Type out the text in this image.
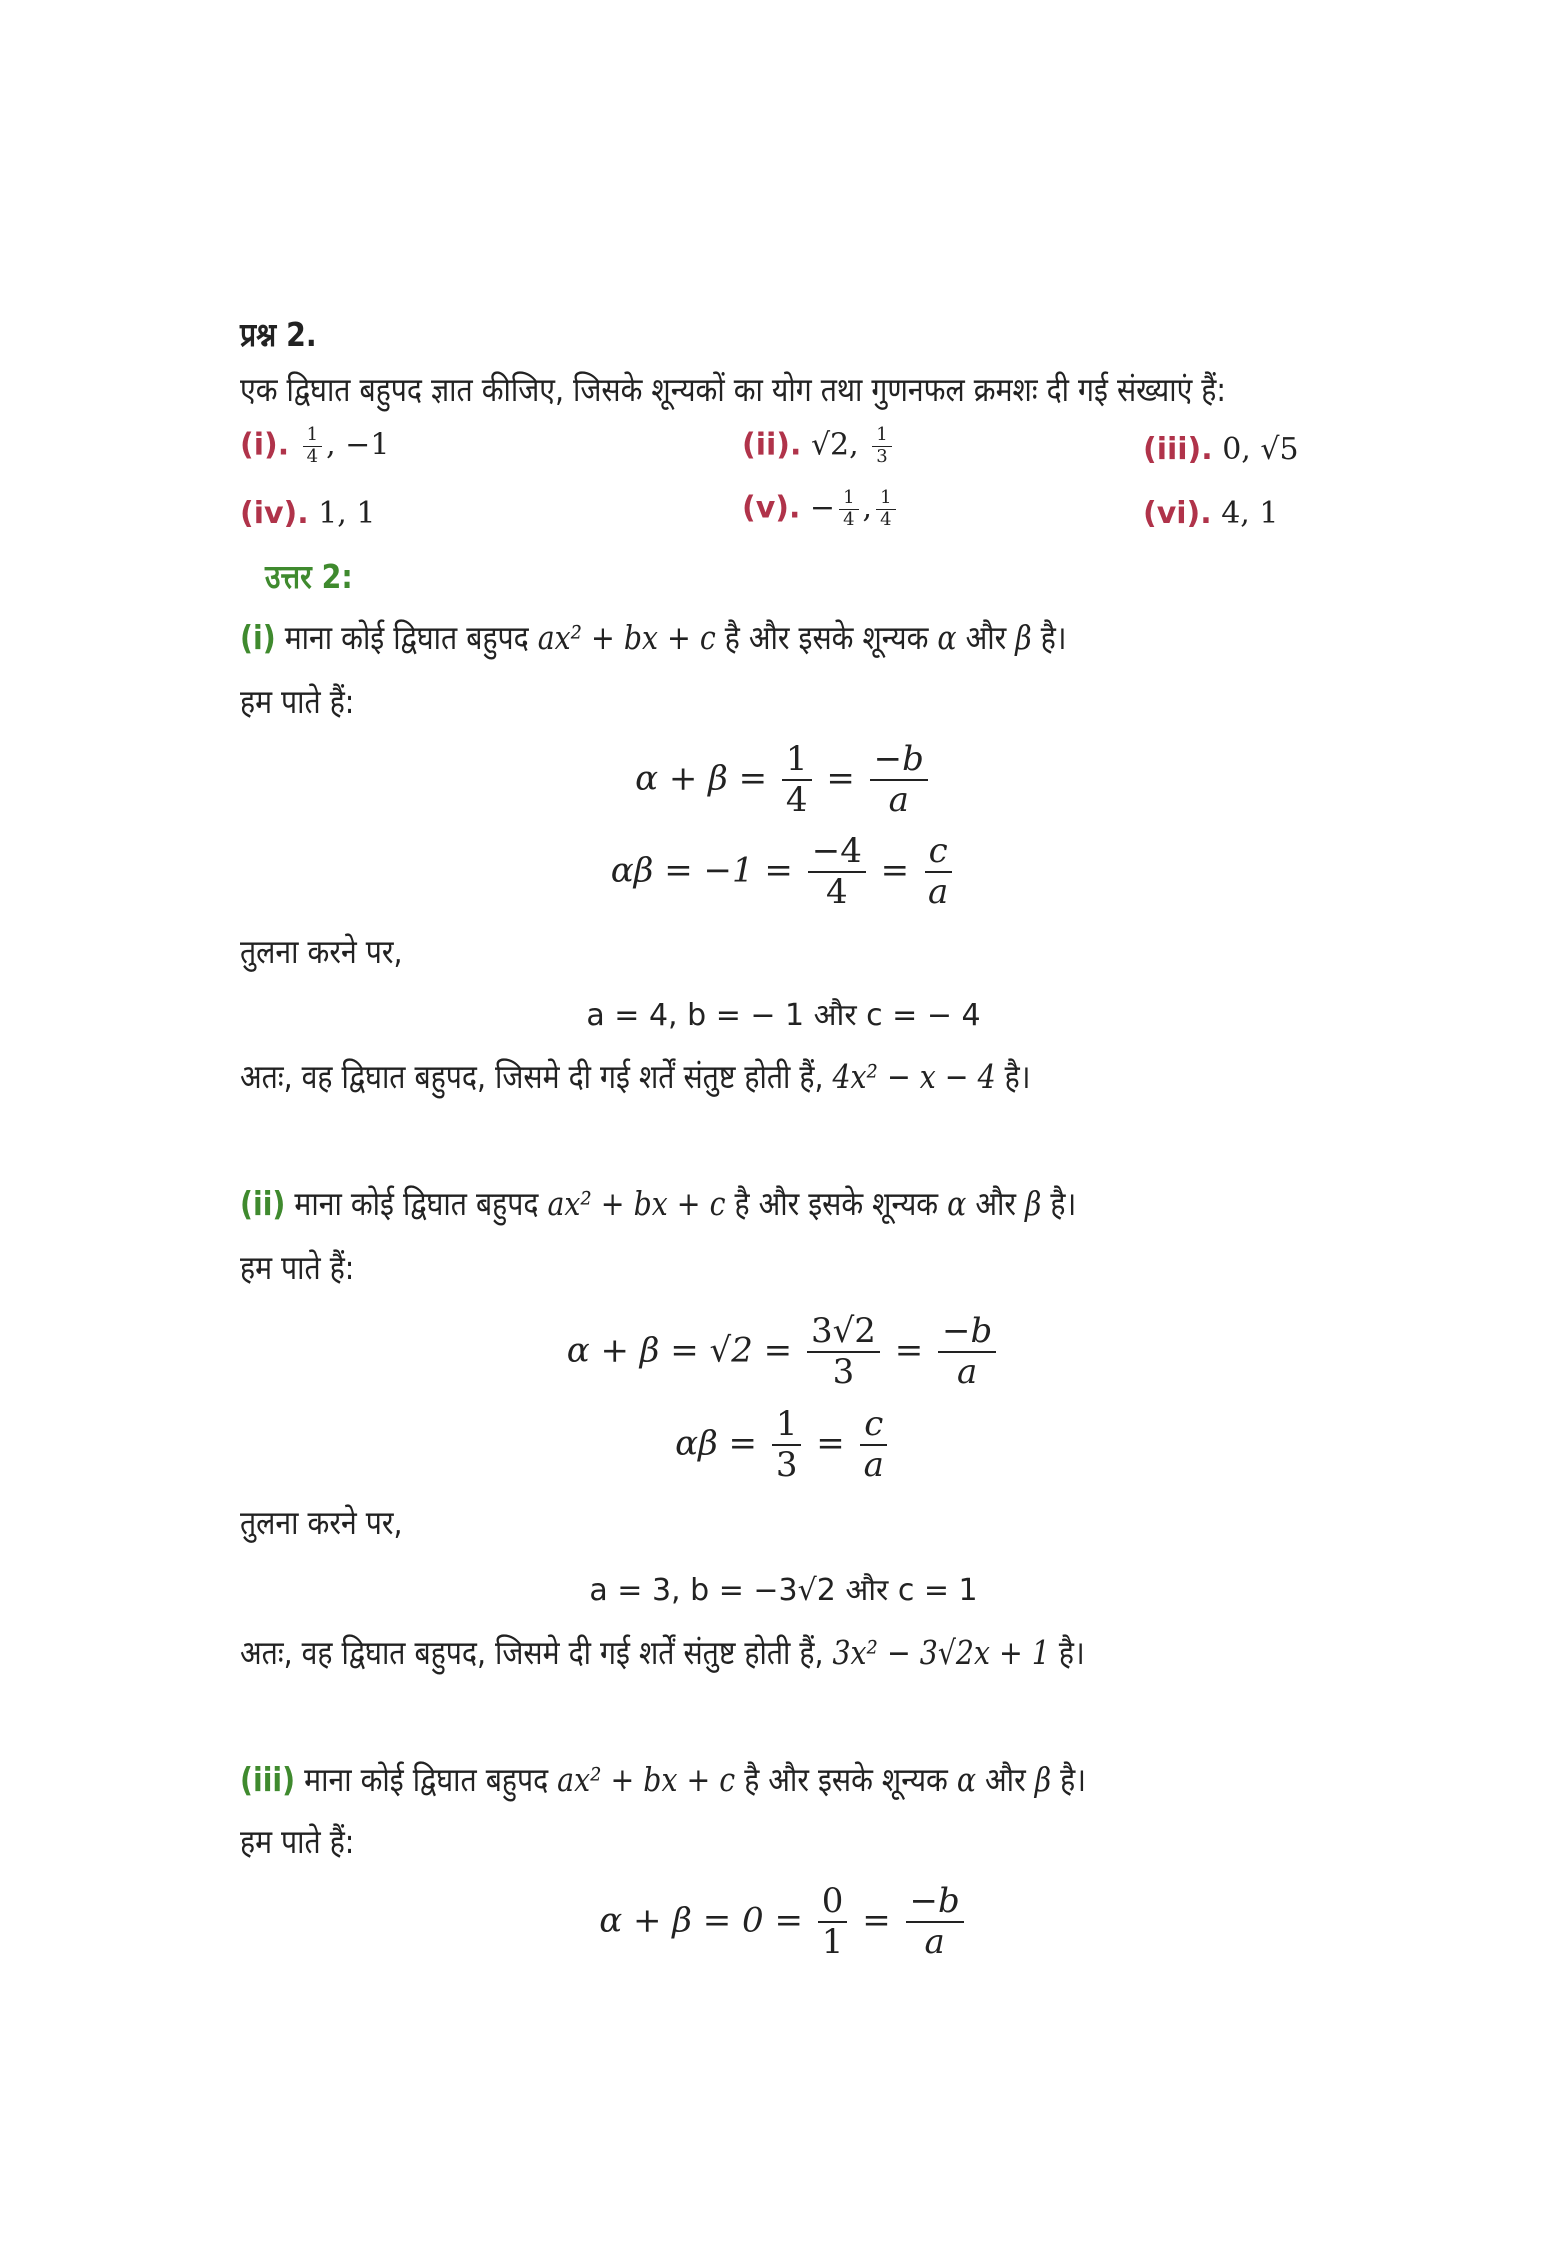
प्रश्न 2.
एक द्विघात बहुपद ज्ञात कीजिए, जिसके शून्यकों का योग तथा गुणनफल क्रमशः दी गई संख्याएं हैं:
(i). $\frac{1}{4}$ , −1	(ii). √2, $\frac{1}{3}$	(iii). 0, √5
(iv). 1, 1	(v). − $\frac{1}{4}$ , $\frac{1}{4}$	(vi). 4, 1
उत्तर 2:
(i) माना कोई द्विघात बहुपद ax² + bx + c है और इसके शून्यक α और β है।
हम पाते हैं:
$\alpha + \beta = \frac{1}{4} = \frac{-b}{a}$
$\alpha\beta = -1 = \frac{-4}{4} = \frac{c}{a}$
तुलना करने पर,
a = 4, b = − 1 और c = − 4
अतः, वह द्विघात बहुपद, जिसमे दी गई शर्तें संतुष्ट होती हैं, 4x² − x − 4 है।
(ii) माना कोई द्विघात बहुपद ax² + bx + c है और इसके शून्यक α और β है।
हम पाते हैं:
$\alpha + \beta = √2 = \frac{3√2}{3} = \frac{-b}{a}$
$\alpha\beta = \frac{1}{3} = \frac{c}{a}$
तुलना करने पर,
a = 3, b = −3√2 और c = 1
अतः, वह द्विघात बहुपद, जिसमे दी गई शर्तें संतुष्ट होती हैं, 3x² − 3√2x + 1 है।
(iii) माना कोई द्विघात बहुपद ax² + bx + c है और इसके शून्यक α और β है।
हम पाते हैं:
$\alpha + \beta = 0 = \frac{0}{1} = \frac{-b}{a}$
